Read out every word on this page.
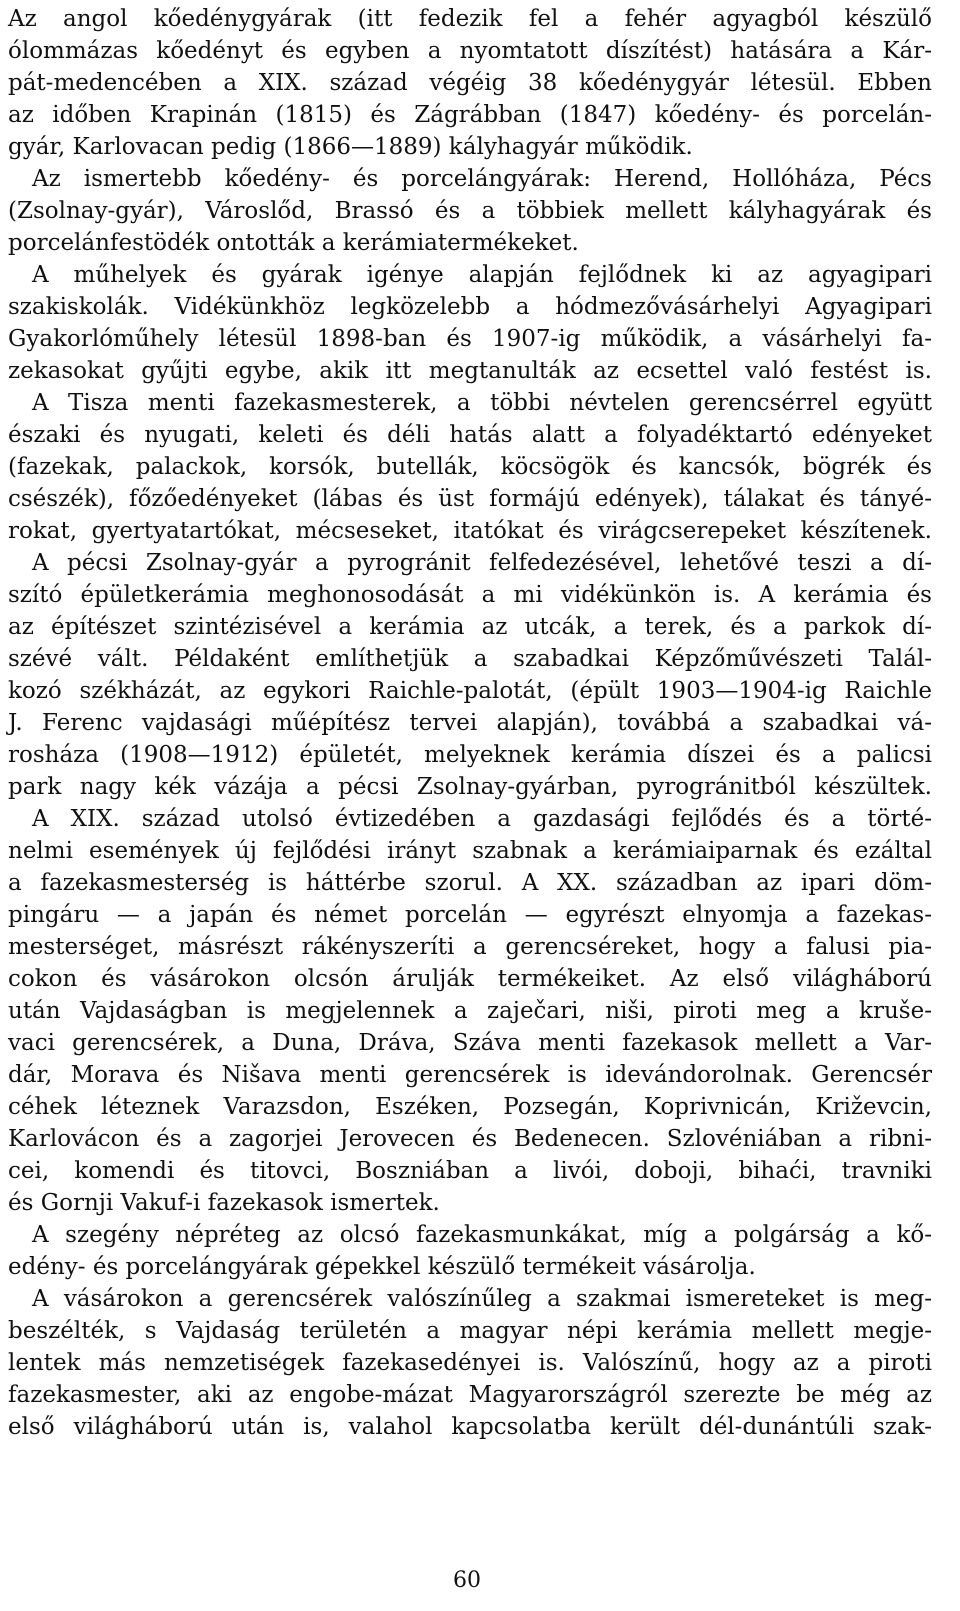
Az angol kőedénygyárak (itt fedezik fel a fehér agyagból készülő
ólommázas kőedényt és egyben a nyomtatott díszítést) hatására a Kár-
pát-medencében a XIX. század végéig 38 kőedénygyár létesül. Ebben
az időben Krapinán (1815) és Zágrábban (1847) kőedény- és porcelán-
gyár, Karlovacan pedig (1866—1889) kályhagyár működik.
Az ismertebb kőedény- és porcelángyárak: Herend, Hollóháza, Pécs
(Zsolnay-gyár), Városlőd, Brassó és a többiek mellett kályhagyárak és
porcelánfestödék ontották a kerámiatermékeket.
A műhelyek és gyárak igénye alapján fejlődnek ki az agyagipari
szakiskolák. Vidékünkhöz legközelebb a hódmezővásárhelyi Agyagipari
Gyakorlóműhely létesül 1898-ban és 1907-ig működik, a vásárhelyi fa-
zekasokat gyűjti egybe, akik itt megtanulták az ecsettel való festést is.
A Tisza menti fazekasmesterek, a többi névtelen gerencsérrel együtt
északi és nyugati, keleti és déli hatás alatt a folyadéktartó edényeket
(fazekak, palackok, korsók, butellák, köcsögök és kancsók, bögrék és
csészék), főzőedényeket (lábas és üst formájú edények), tálakat és tányé-
rokat, gyertyatartókat, mécseseket, itatókat és virágcserepeket készítenek.
A pécsi Zsolnay-gyár a pyrogránit felfedezésével, lehetővé teszi a dí-
szító épületkerámia meghonosodását a mi vidékünkön is. A kerámia és
az építészet szintézisével a kerámia az utcák, a terek, és a parkok dí-
szévé vált. Példaként említhetjük a szabadkai Képzőművészeti Talál-
kozó székházát, az egykori Raichle-palotát, (épült 1903—1904-ig Raichle
J. Ferenc vajdasági műépítész tervei alapján), továbbá a szabadkai vá-
rosháza (1908—1912) épületét, melyeknek kerámia díszei és a palicsi
park nagy kék vázája a pécsi Zsolnay-gyárban, pyrogránitból készültek.
A XIX. század utolsó évtizedében a gazdasági fejlődés és a törté-
nelmi események új fejlődési irányt szabnak a kerámiaiparnak és ezáltal
a fazekasmesterség is háttérbe szorul. A XX. században az ipari döm-
pingáru — a japán és német porcelán — egyrészt elnyomja a fazekas-
mesterséget, másrészt rákényszeríti a gerencséreket, hogy a falusi pia-
cokon és vásárokon olcsón árulják termékeiket. Az első világháború
után Vajdaságban is megjelennek a zaječari, niši, piroti meg a kruše-
vaci gerencsérek, a Duna, Dráva, Száva menti fazekasok mellett a Var-
dár, Morava és Nišava menti gerencsérek is idevándorolnak. Gerencsér
céhek léteznek Varazsdon, Eszéken, Pozsegán, Koprivnicán, Križevcin,
Karlovácon és a zagorjei Jerovecen és Bedenecen. Szlovéniában a ribni-
cei, komendi és titovci, Boszniában a livói, doboji, bihaći, travniki
és Gornji Vakuf-i fazekasok ismertek.
A szegény népréteg az olcsó fazekasmunkákat, míg a polgárság a kő-
edény- és porcelángyárak gépekkel készülő termékeit vásárolja.
A vásárokon a gerencsérek valószínűleg a szakmai ismereteket is meg-
beszélték, s Vajdaság területén a magyar népi kerámia mellett megje-
lentek más nemzetiségek fazekasedényei is. Valószínű, hogy az a piroti
fazekasmester, aki az engobe-mázat Magyarországról szerezte be még az
első világháború után is, valahol kapcsolatba került dél-dunántúli szak-
60
